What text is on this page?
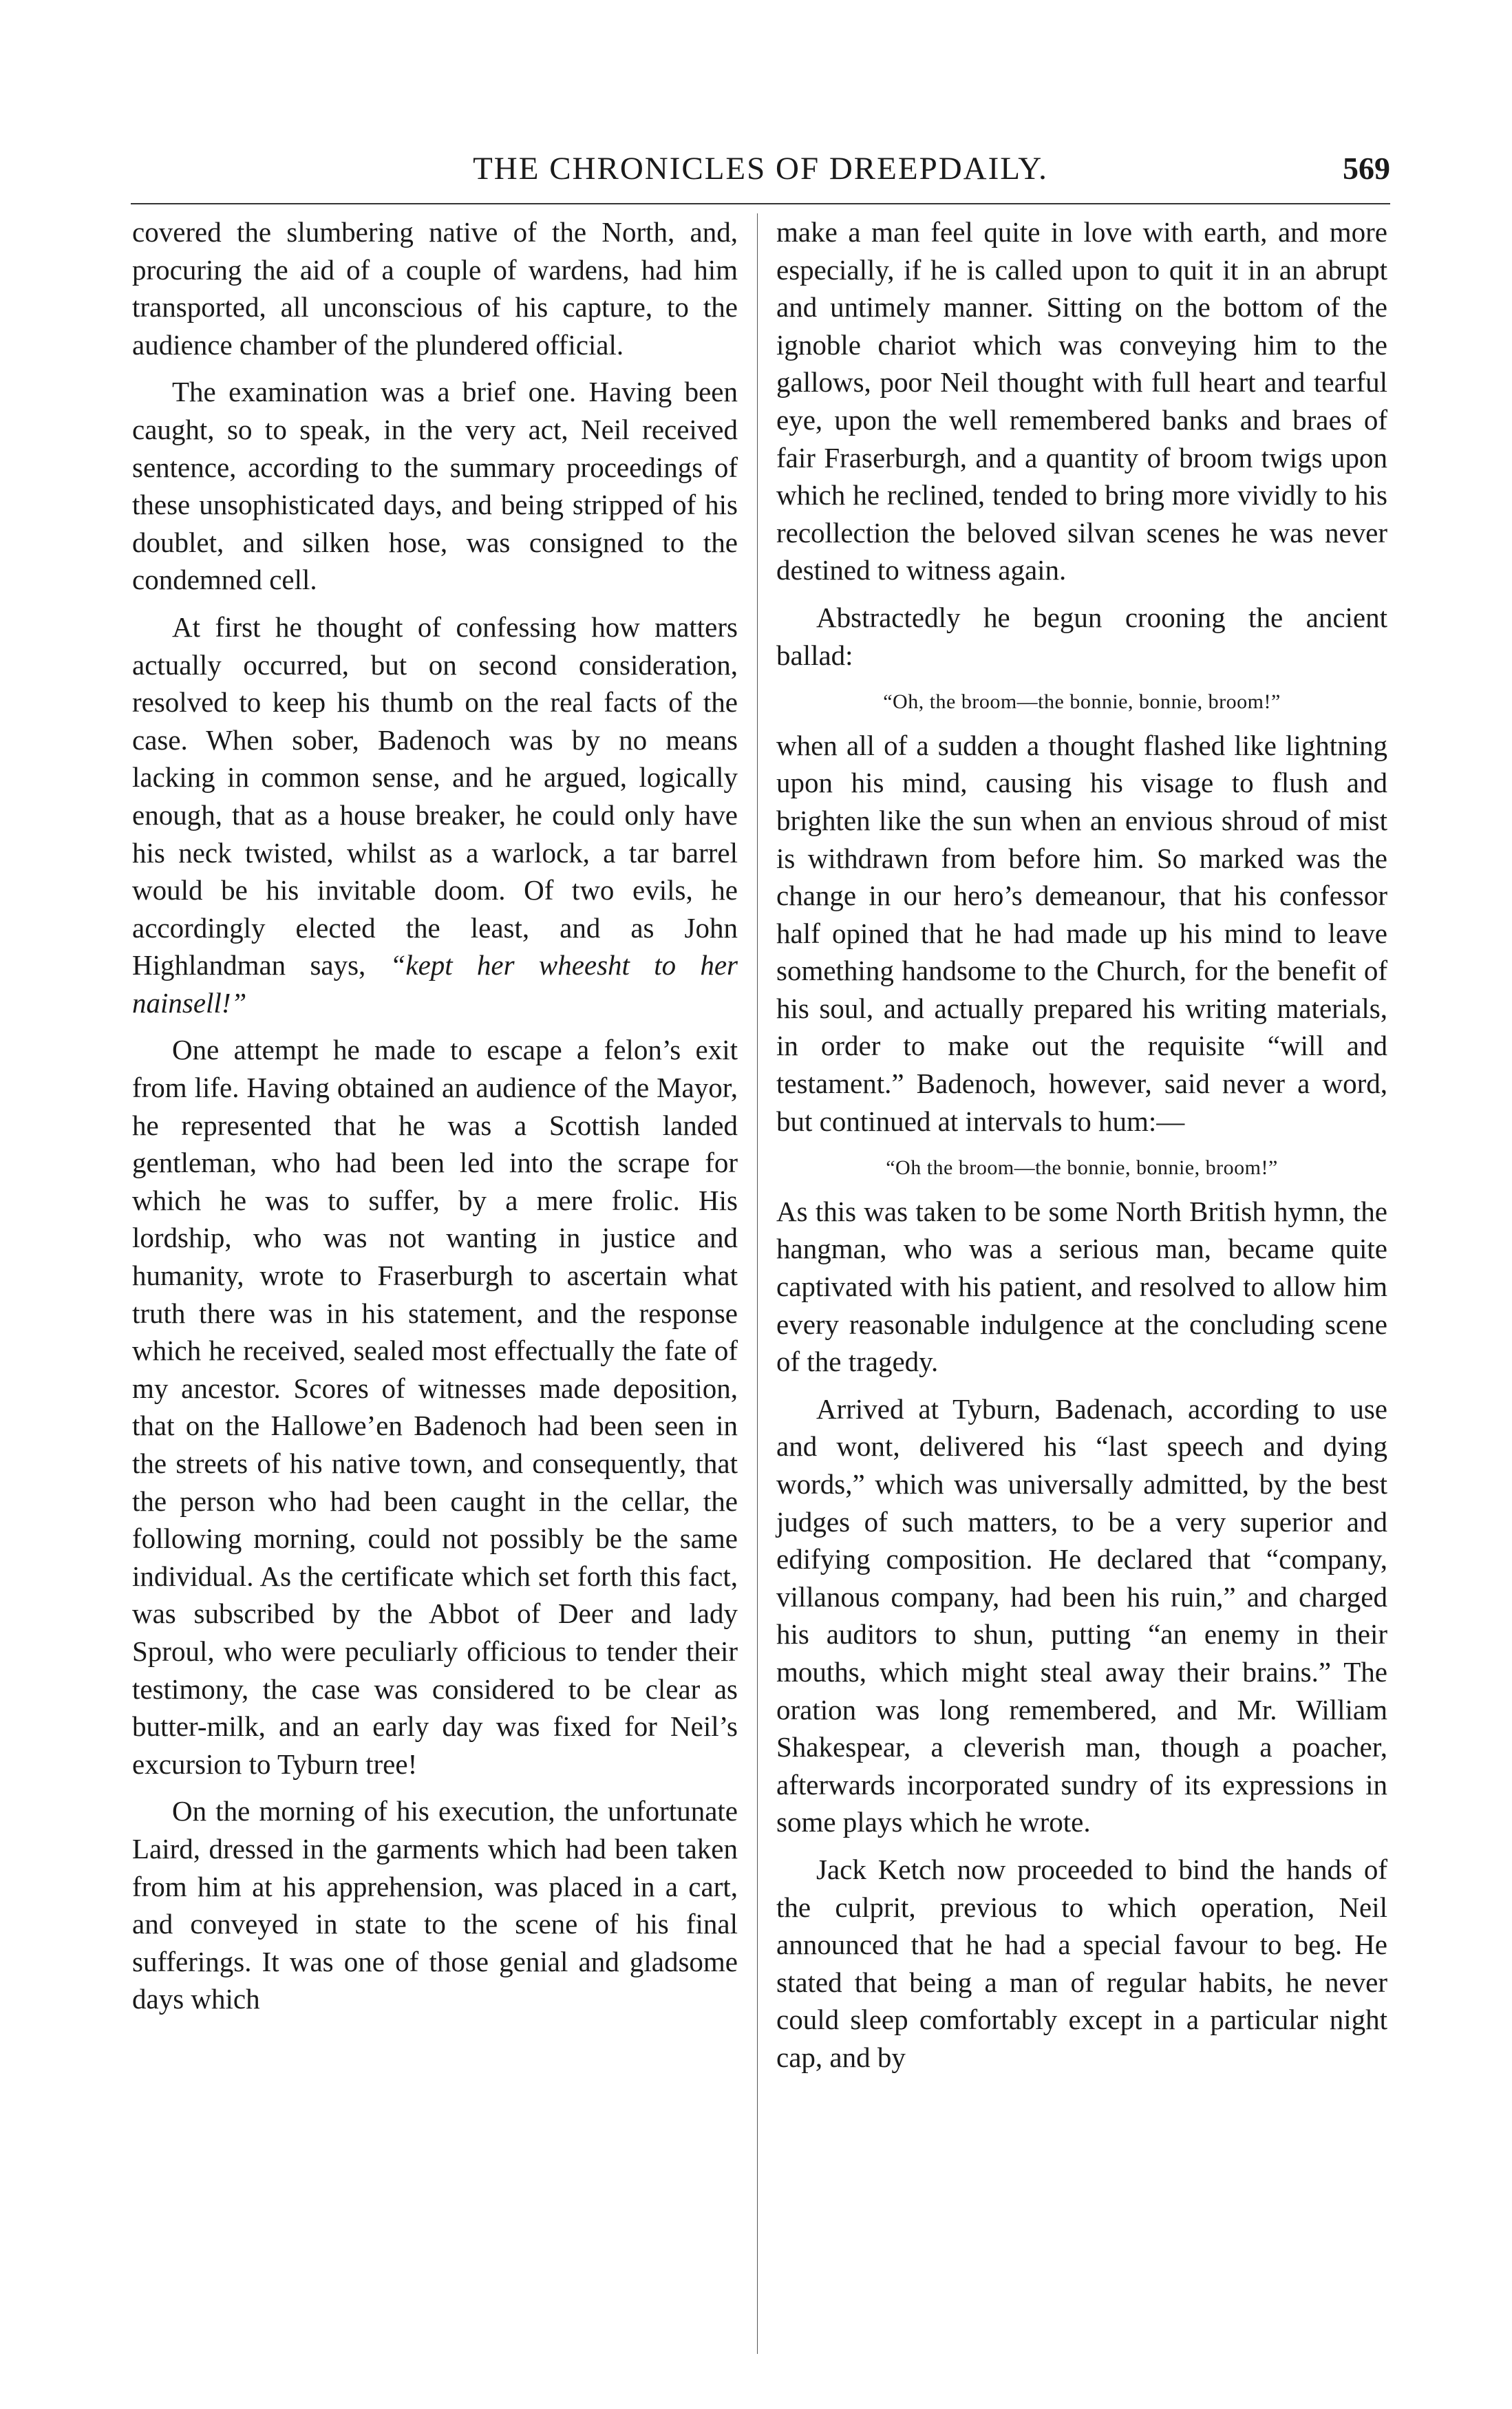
THE CHRONICLES OF DREEPDAILY.	569

covered the slumbering native of the North, and, procuring the aid of a couple of wardens, had him transported, all unconscious of his capture, to the audience chamber of the plundered official.

The examination was a brief one. Having been caught, so to speak, in the very act, Neil received sentence, according to the summary proceedings of these unsophisticated days, and being stripped of his doublet, and silken hose, was consigned to the condemned cell.

At first he thought of confessing how matters actually occurred, but on second consideration, resolved to keep his thumb on the real facts of the case. When sober, Badenoch was by no means lacking in common sense, and he argued, logically enough, that as a house breaker, he could only have his neck twisted, whilst as a warlock, a tar barrel would be his invitable doom. Of two evils, he accordingly elected the least, and as John Highlandman says, “kept her wheesht to her nainsell!”

One attempt he made to escape a felon’s exit from life. Having obtained an audience of the Mayor, he represented that he was a Scottish landed gentleman, who had been led into the scrape for which he was to suffer, by a mere frolic. His lordship, who was not wanting in justice and humanity, wrote to Fraserburgh to ascertain what truth there was in his statement, and the response which he received, sealed most effectually the fate of my ancestor. Scores of witnesses made deposition, that on the Hallowe’en Badenoch had been seen in the streets of his native town, and consequently, that the person who had been caught in the cellar, the following morning, could not possibly be the same individual. As the certificate which set forth this fact, was subscribed by the Abbot of Deer and lady Sproul, who were peculiarly officious to tender their testimony, the case was considered to be clear as butter-milk, and an early day was fixed for Neil’s excursion to Tyburn tree!

On the morning of his execution, the unfortunate Laird, dressed in the garments which had been taken from him at his apprehension, was placed in a cart, and conveyed in state to the scene of his final sufferings. It was one of those genial and gladsome days which

make a man feel quite in love with earth, and more especially, if he is called upon to quit it in an abrupt and untimely manner. Sitting on the bottom of the ignoble chariot which was conveying him to the gallows, poor Neil thought with full heart and tearful eye, upon the well remembered banks and braes of fair Fraserburgh, and a quantity of broom twigs upon which he reclined, tended to bring more vividly to his recollection the beloved silvan scenes he was never destined to witness again.

Abstractedly he begun crooning the ancient ballad:

“Oh, the broom—the bonnie, bonnie, broom!”

when all of a sudden a thought flashed like lightning upon his mind, causing his visage to flush and brighten like the sun when an envious shroud of mist is withdrawn from before him. So marked was the change in our hero’s demeanour, that his confessor half opined that he had made up his mind to leave something handsome to the Church, for the benefit of his soul, and actually prepared his writing materials, in order to make out the requisite “will and testament.” Badenoch, however, said never a word, but continued at intervals to hum:—

“Oh the broom—the bonnie, bonnie, broom!”

As this was taken to be some North British hymn, the hangman, who was a serious man, became quite captivated with his patient, and resolved to allow him every reasonable indulgence at the concluding scene of the tragedy.

Arrived at Tyburn, Badenach, according to use and wont, delivered his “last speech and dying words,” which was universally admitted, by the best judges of such matters, to be a very superior and edifying composition. He declared that “company, villanous company, had been his ruin,” and charged his auditors to shun, putting “an enemy in their mouths, which might steal away their brains.” The oration was long remembered, and Mr. William Shakespear, a cleverish man, though a poacher, afterwards incorporated sundry of its expressions in some plays which he wrote.

Jack Ketch now proceeded to bind the hands of the culprit, previous to which operation, Neil announced that he had a special favour to beg. He stated that being a man of regular habits, he never could sleep comfortably except in a particular night cap, and by
